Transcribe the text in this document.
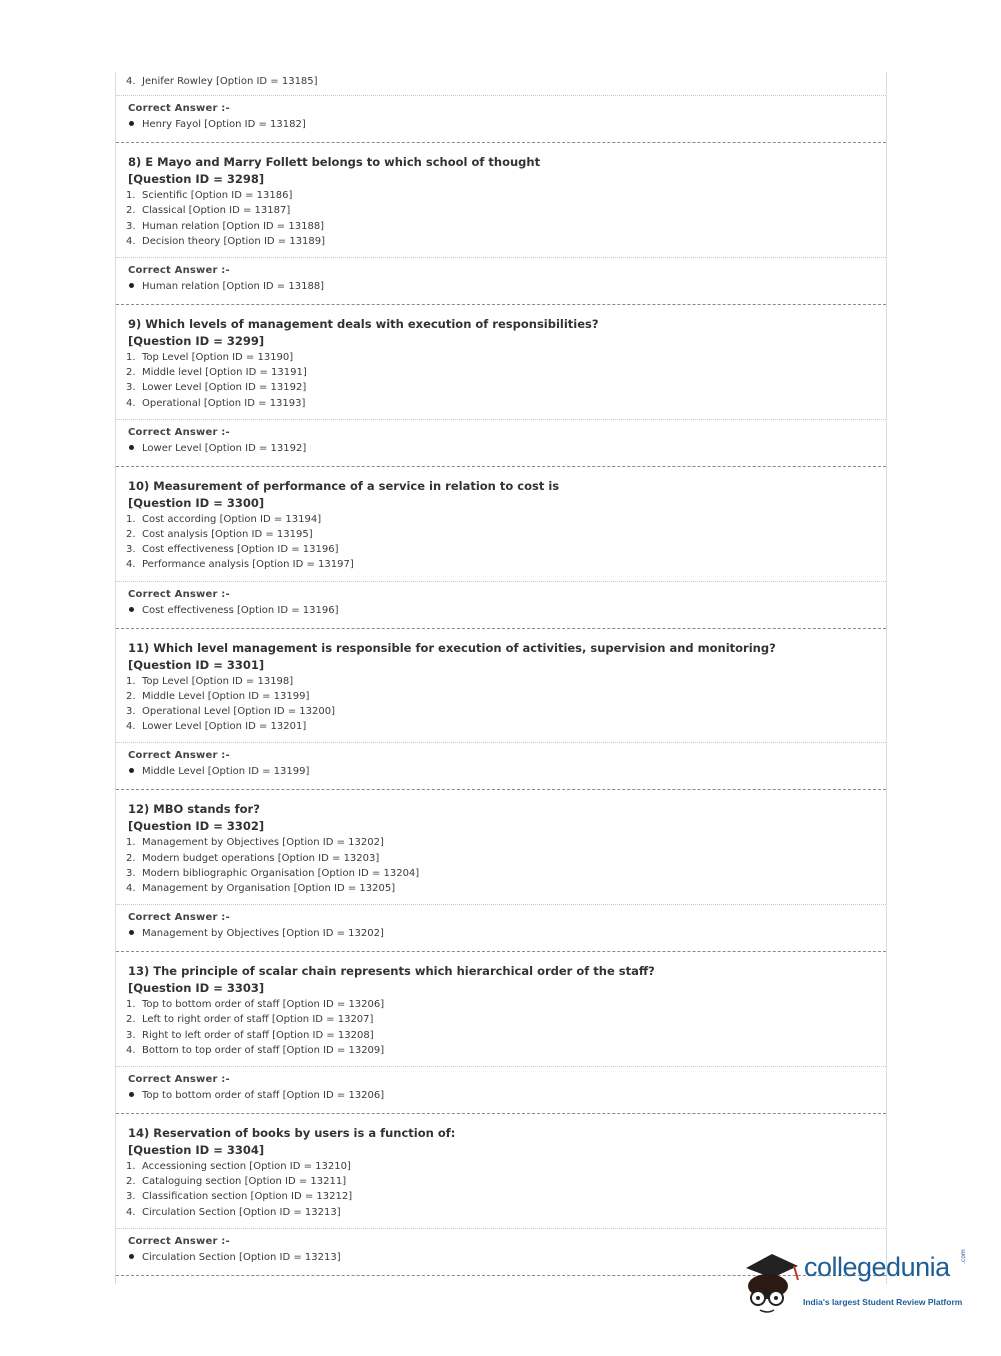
4. Jenifer Rowley [Option ID = 13185]
Correct Answer :-
Henry Fayol [Option ID = 13182]
8) E Mayo and Marry Follett belongs to which school of thought
[Question ID = 3298]
1. Scientific [Option ID = 13186]
2. Classical [Option ID = 13187]
3. Human relation [Option ID = 13188]
4. Decision theory [Option ID = 13189]
Correct Answer :-
Human relation [Option ID = 13188]
9) Which levels of management deals with execution of responsibilities?
[Question ID = 3299]
1. Top Level [Option ID = 13190]
2. Middle level [Option ID = 13191]
3. Lower Level [Option ID = 13192]
4. Operational [Option ID = 13193]
Correct Answer :-
Lower Level [Option ID = 13192]
10) Measurement of performance of a service in relation to cost is
[Question ID = 3300]
1. Cost according [Option ID = 13194]
2. Cost analysis [Option ID = 13195]
3. Cost effectiveness [Option ID = 13196]
4. Performance analysis [Option ID = 13197]
Correct Answer :-
Cost effectiveness [Option ID = 13196]
11) Which level management is responsible for execution of activities, supervision and monitoring?
[Question ID = 3301]
1. Top Level [Option ID = 13198]
2. Middle Level [Option ID = 13199]
3. Operational Level [Option ID = 13200]
4. Lower Level [Option ID = 13201]
Correct Answer :-
Middle Level [Option ID = 13199]
12) MBO stands for?
[Question ID = 3302]
1. Management by Objectives [Option ID = 13202]
2. Modern budget operations [Option ID = 13203]
3. Modern bibliographic Organisation [Option ID = 13204]
4. Management by Organisation [Option ID = 13205]
Correct Answer :-
Management by Objectives [Option ID = 13202]
13) The principle of scalar chain represents which hierarchical order of the staff?
[Question ID = 3303]
1. Top to bottom order of staff [Option ID = 13206]
2. Left to right order of staff [Option ID = 13207]
3. Right to left order of staff [Option ID = 13208]
4. Bottom to top order of staff [Option ID = 13209]
Correct Answer :-
Top to bottom order of staff [Option ID = 13206]
14) Reservation of books by users is a function of:
[Question ID = 3304]
1. Accessioning section [Option ID = 13210]
2. Cataloguing section [Option ID = 13211]
3. Classification section [Option ID = 13212]
4. Circulation Section [Option ID = 13213]
Correct Answer :-
Circulation Section [Option ID = 13213]	collegedunia .com
India's largest Student Review Platform
